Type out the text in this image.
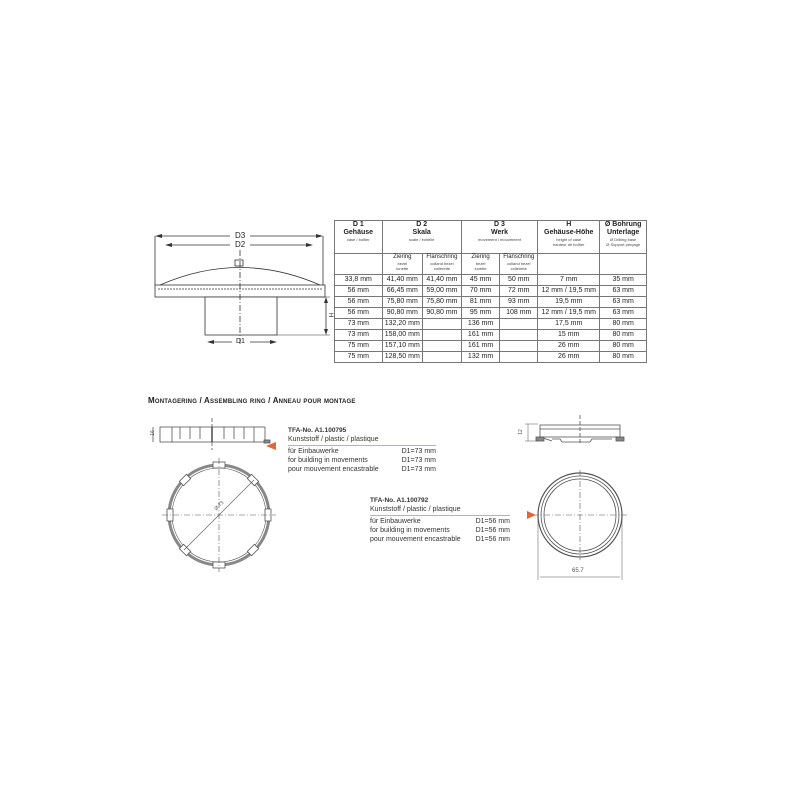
D3
D2
D1
H
D 1
Gehäuse
case / boîtier	D 2
Skala
scale / échelle		D 3
Werk
movement / mouvement		H
Gehäuse-Höhe
height of case
hauteur de boîtier	Ø Bohrung
Unterlage
Ø Drilling base
Ø Support perçage

	Ziering
bezel
lunette	Flanschring
colland bezel
collerette	Ziering
bezel
lunette	Flanschring
colland bezel
collerette		

33,8 mm	41,40 mm	41,40 mm	45 mm	50 mm	7 mm	35 mm
56 mm	66,45 mm	59,00 mm	70 mm	72 mm	12 mm / 19,5 mm	63 mm
56 mm	75,80 mm	75,80 mm	81 mm	93 mm	19,5 mm	63 mm
56 mm	90,80 mm	90,80 mm	95 mm	108 mm	12 mm / 19,5 mm	63 mm
73 mm	132,20 mm		136 mm		17,5 mm	80 mm
73 mm	158,00 mm		161 mm		15 mm	80 mm
75 mm	157,10 mm		161 mm		26 mm	80 mm
75 mm	128,50 mm		132 mm		26 mm	80 mm
Montagering / Assembling ring / Anneau pour montage
16
Ø 73
TFA-No. A1.100795
Kunststoff / plastic / plastique
für Einbauwerke	D1=73 mm
for building in movements	D1=73 mm
pour mouvement encastrable	D1=73 mm
12
65.7
TFA-No. A1.100792
Kunststoff / plastic / plastique
für Einbauwerke	D1=56 mm
for building in movements	D1=56 mm
pour mouvement encastrable D1=56 mm
